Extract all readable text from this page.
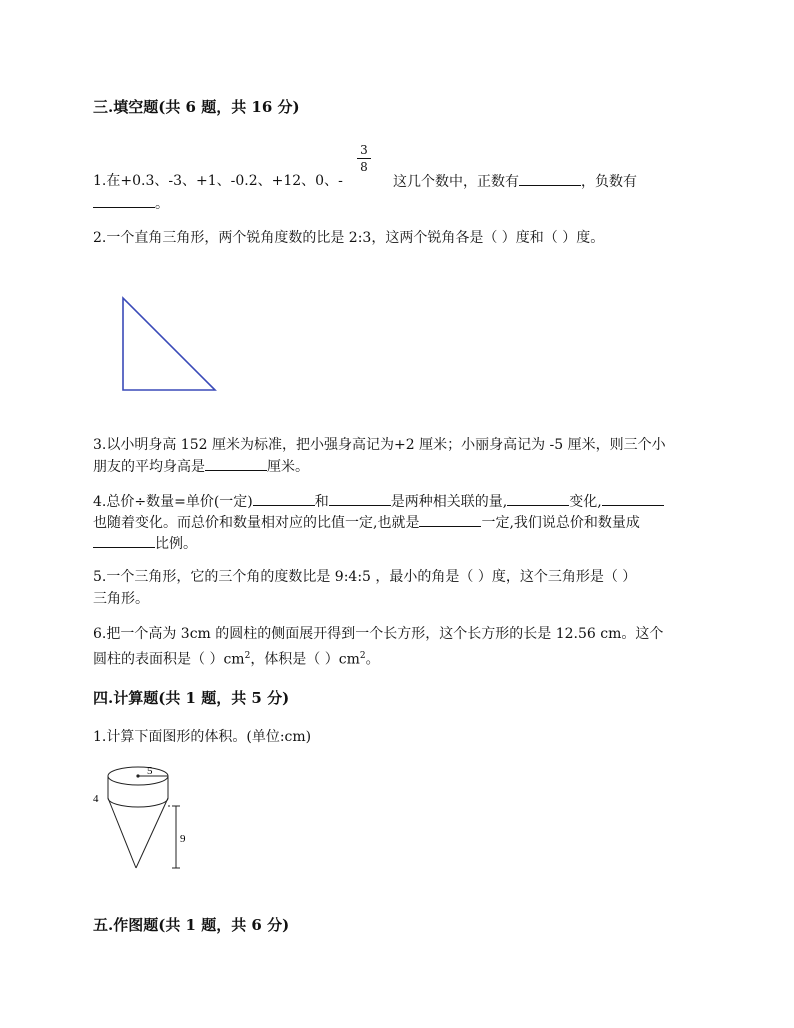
三.填空题(共 6 题，共 16 分)
3
8
1.在+0.3、-3、+1、-0.2、+12、0、-	这几个数中，正数有	，负数有
。
2.一个直角三角形，两个锐角度数的比是 2:3，这两个锐角各是（ ）度和（ ）度。
3.以小明身高 152 厘米为标准，把小强身高记为+2 厘米；小丽身高记为 -5 厘米，则三个小
朋友的平均身高是	厘米。
4.总价÷数量=单价(一定)	和	是两种相关联的量,	变化,
也随着变化。而总价和数量相对应的比值一定,也就是	一定,我们说总价和数量成
比例。
5.一个三角形，它的三个角的度数比是 9:4:5 ，最小的角是（ ）度，这个三角形是（ ）
三角形。
6.把一个高为 3cm 的圆柱的侧面展开得到一个长方形，这个长方形的长是 12.56 cm。这个
圆柱的表面积是（ ）$cm^2$，体积是（ ）$cm^2$。
四.计算题(共 1 题，共 5 分)
1.计算下面图形的体积。(单位:cm)
5
4
9
五.作图题(共 1 题，共 6 分)
